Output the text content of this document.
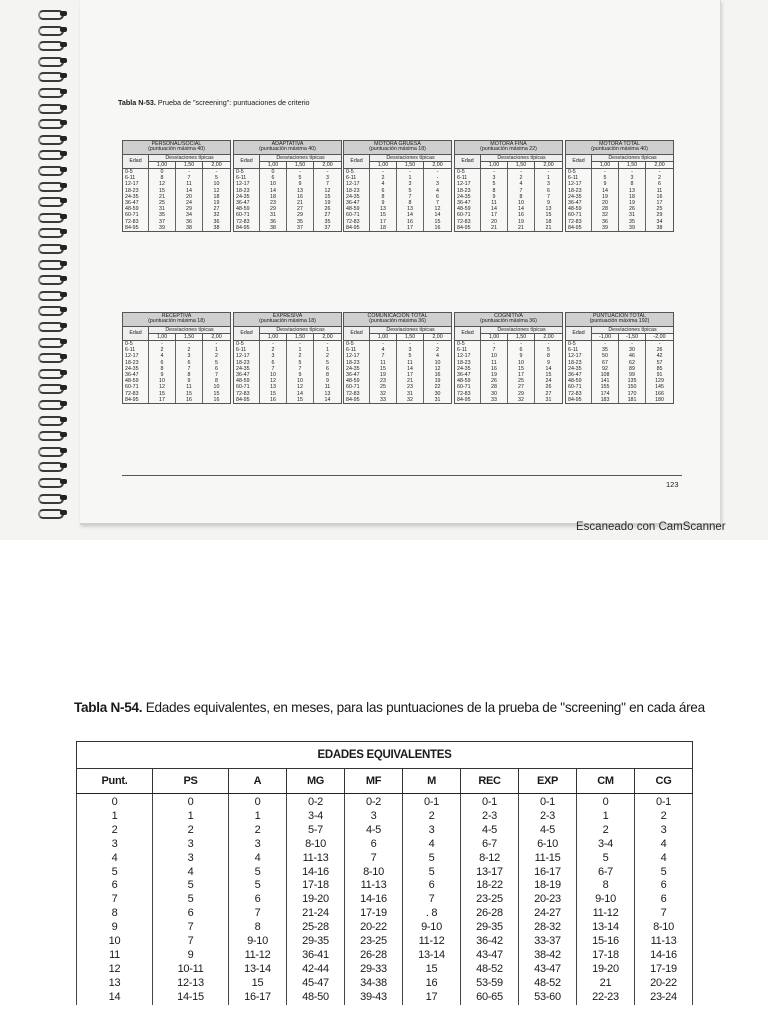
Tabla N-53. Prueba de "screening": puntuaciones de criterio
PERSONAL/SOCIAL
(puntuación máxima 40)			

Edad	Desviaciones típicas		
	1,00	1,50	2,00
0-5	0	-	-
6-11	8	7	5
12-17	12	11	10
18-23	15	14	12
24-35	21	20	18
36-47	25	24	19
48-59	31	29	27
60-71	35	34	32
72-83	37	36	36
84-95	39	38	38
ADAPTATIVA
(puntuación máxima 40)			

Edad	Desviaciones típicas		
	1,00	1,50	2,00
0-5	0	-	-
6-11	6	5	3
12-17	10	9	7
18-23	14	13	12
24-35	18	16	15
36-47	23	21	19
48-59	29	27	26
60-71	31	29	27
72-83	36	35	35
84-95	38	37	37
MOTORA GRUESA
(puntuación máxima 18)			

Edad	Desviaciones típicas		
	1,00	1,50	2,00
0-5	-	-	-
6-11	2	1	-
12-17	4	3	3
18-23	6	5	4
24-35	8	7	6
36-47	9	8	7
48-59	13	13	12
60-71	15	14	14
72-83	17	16	15
84-95	18	17	16
MOTORA FINA
(puntuación máxima 22)			

Edad	Desviaciones típicas		
	1,00	1,50	2,00
0-5	-	-	-
6-11	3	2	1
12-17	5	4	3
18-23	8	7	6
24-35	9	8	7
36-47	11	10	9
48-59	14	14	13
60-71	17	16	15
72-83	20	19	18
84-95	21	21	21
MOTORA TOTAL
(puntuación máxima 40)			

Edad	Desviaciones típicas		
	1,00	1,50	2,00
0-5	-	-	-
6-11	5	3	2
12-17	9	8	6
18-23	14	13	11
24-35	19	18	16
36-47	20	19	17
48-59	28	26	25
60-71	32	31	29
72-83	36	35	34
84-95	39	39	38
RECEPTIVA
(puntuación máxima 18)			

Edad	Desviaciones típicas		
	1,00	1,50	2,00
0-5	-	-	-
6-11	2	2	1
12-17	4	3	2
18-23	6	6	5
24-35	8	7	6
36-47	9	8	7
48-59	10	9	8
60-71	12	11	10
72-83	15	15	15
84-95	17	16	16
EXPRESIVA
(puntuación máxima 18)			

Edad	Desviaciones típicas		
	1,00	1,50	2,00
0-5	-	-	-
6-11	2	1	1
12-17	3	2	2
18-23	6	5	5
24-35	7	7	6
36-47	10	9	8
48-59	12	10	9
60-71	13	12	11
72-83	15	14	13
84-95	16	15	14
COMUNICACIÓN TOTAL
(puntuación máxima 36)			

Edad	Desviaciones típicas		
	1,00	1,50	2,00
0-5	-	-	-
6-11	4	3	2
12-17	7	5	4
18-23	11	11	10
24-35	15	14	12
36-47	19	17	16
48-59	23	21	19
60-71	25	23	22
72-83	32	31	30
84-95	33	32	31
COGNITIVA
(puntuación máxima 36)			

Edad	Desviaciones típicas		
	1,00	1,50	2,00
0-5	-	-	-
6-11	7	6	5
12-17	10	9	8
18-23	11	10	9
24-35	16	15	14
36-47	19	17	15
48-59	26	25	24
60-71	28	27	26
72-83	30	29	27
84-95	33	32	31
PUNTUACIÓN TOTAL
(puntuación máxima 192)			

Edad	Desviaciones típicas		
	-1,00	-1,50	-2,00
0-5	-	-	-
6-11	35	30	26
12-17	50	46	42
18-23	67	62	57
24-35	92	89	85
36-47	108	99	91
48-59	141	135	129
60-71	155	150	145
72-83	174	170	166
84-95	183	181	180
123
Escaneado con CamScanner
Tabla N-54. Edades equivalentes, en meses, para las puntuaciones de la prueba de "screening" en cada área
EDADES EQUIVALENTES									
Punt.	PS	A	MG	MF	M	REC	EXP	CM	CG
0	0	0	0-2	0-2	0-1	0-1	0-1	0	0-1
1	1	1	3-4	3	2	2-3	2-3	1	2
2	2	2	5-7	4-5	3	4-5	4-5	2	3
3	3	3	8-10	6	4	6-7	6-10	3-4	4
4	3	4	11-13	7	5	8-12	11-15	5	4
5	4	5	14-16	8-10	5	13-17	16-17	6-7	5
6	5	5	17-18	11-13	6	18-22	18-19	8	6
7	5	6	19-20	14-16	7	23-25	20-23	9-10	6
8	6	7	21-24	17-19	. 8	26-28	24-27	11-12	7
9	7	8	25-28	20-22	9-10	29-35	28-32	13-14	8-10
10	7	9-10	29-35	23-25	11-12	36-42	33-37	15-16	11-13
11	9	11-12	36-41	26-28	13-14	43-47	38-42	17-18	14-16
12	10-11	13-14	42-44	29-33	15	48-52	43-47	19-20	17-19
13	12-13	15	45-47	34-38	16	53-59	48-52	21	20-22
14	14-15	16-17	48-50	39-43	17	60-65	53-60	22-23	23-24
